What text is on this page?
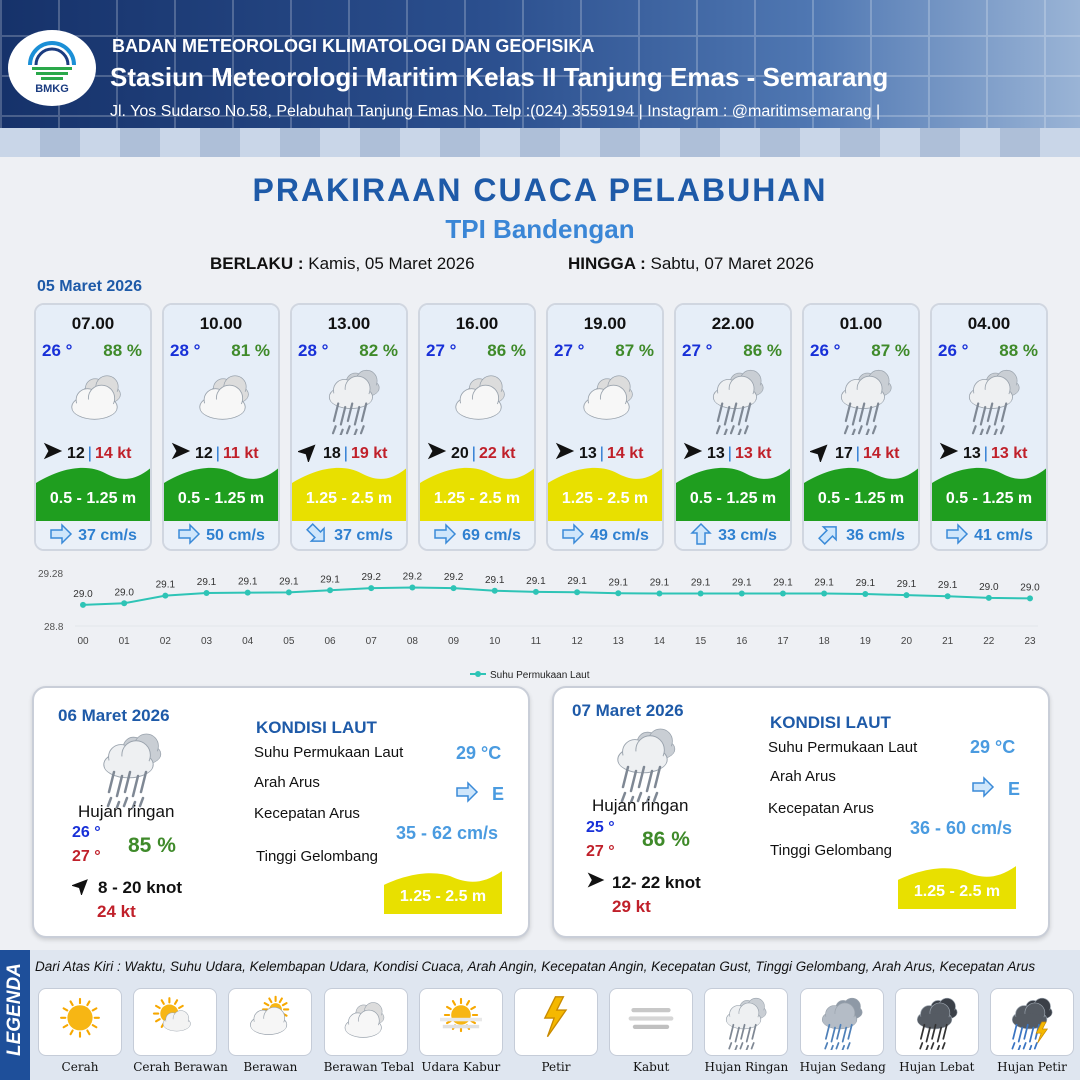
BMKG
BADAN METEOROLOGI KLIMATOLOGI DAN GEOFISIKA
Stasiun Meteorologi Maritim Kelas II Tanjung Emas - Semarang
Jl. Yos Sudarso No.58, Pelabuhan Tanjung Emas No. Telp :(024) 3559194 | Instagram : @maritimsemarang |
PRAKIRAAN CUACA PELABUHAN
TPI Bandengan
BERLAKU : Kamis, 05 Maret 2026	HINGGA : Sabtu, 07 Maret 2026
05 Maret 2026
07.00
26 ° 88 %
12 | 14 kt
0.5 - 1.25 m
37 cm/s
10.00
28 ° 81 %
12 | 11 kt
0.5 - 1.25 m
50 cm/s
13.00
28 ° 82 %
18 | 19 kt
1.25 - 2.5 m
37 cm/s
16.00
27 ° 86 %
20 | 22 kt
1.25 - 2.5 m
69 cm/s
19.00
27 ° 87 %
13 | 14 kt
1.25 - 2.5 m
49 cm/s
22.00
27 ° 86 %
13 | 13 kt
0.5 - 1.25 m
33 cm/s
01.00
26 ° 87 %
17 | 14 kt
0.5 - 1.25 m
36 cm/s
04.00
26 ° 88 %
13 | 13 kt
0.5 - 1.25 m
41 cm/s
29.28
28.8
29.0
00
29.0
01
29.1
02
29.1
03
29.1
04
29.1
05
29.1
06
29.2
07
29.2
08
29.2
09
29.1
10
29.1
11
29.1
12
29.1
13
29.1
14
29.1
15
29.1
16
29.1
17
29.1
18
29.1
19
29.1
20
29.1
21
29.0
22
29.0
23
Suhu Permukaan Laut
06 Maret 2026
Hujan ringan
26 °
27 ° 85 %
8 - 20 knot
24 kt
KONDISI LAUT
Suhu Permukaan Laut	29 °C
Arah Arus
E
Kecepatan Arus
35 - 62 cm/s
Tinggi Gelombang
1.25 - 2.5 m
07 Maret 2026
Hujan ringan
25 °
27 °
86 %
12- 22 knot
29 kt
KONDISI LAUT
Suhu Permukaan Laut	29 °C
Arah Arus
E
Kecepatan Arus
36 - 60 cm/s
Tinggi Gelombang
1.25 - 2.5 m
LEGENDA Dari Atas Kiri : Waktu, Suhu Udara, Kelembapan Udara, Kondisi Cuaca, Arah Angin, Kecepatan Angin, Kecepatan Gust, Tinggi Gelombang, Arah Arus, Kecepatan Arus
Cerah	Cerah Berawan	Berawan	Berawan Tebal Udara Kabur	Petir	Kabut	Hujan Ringan Hujan Sedang	Hujan Lebat	Hujan Petir
